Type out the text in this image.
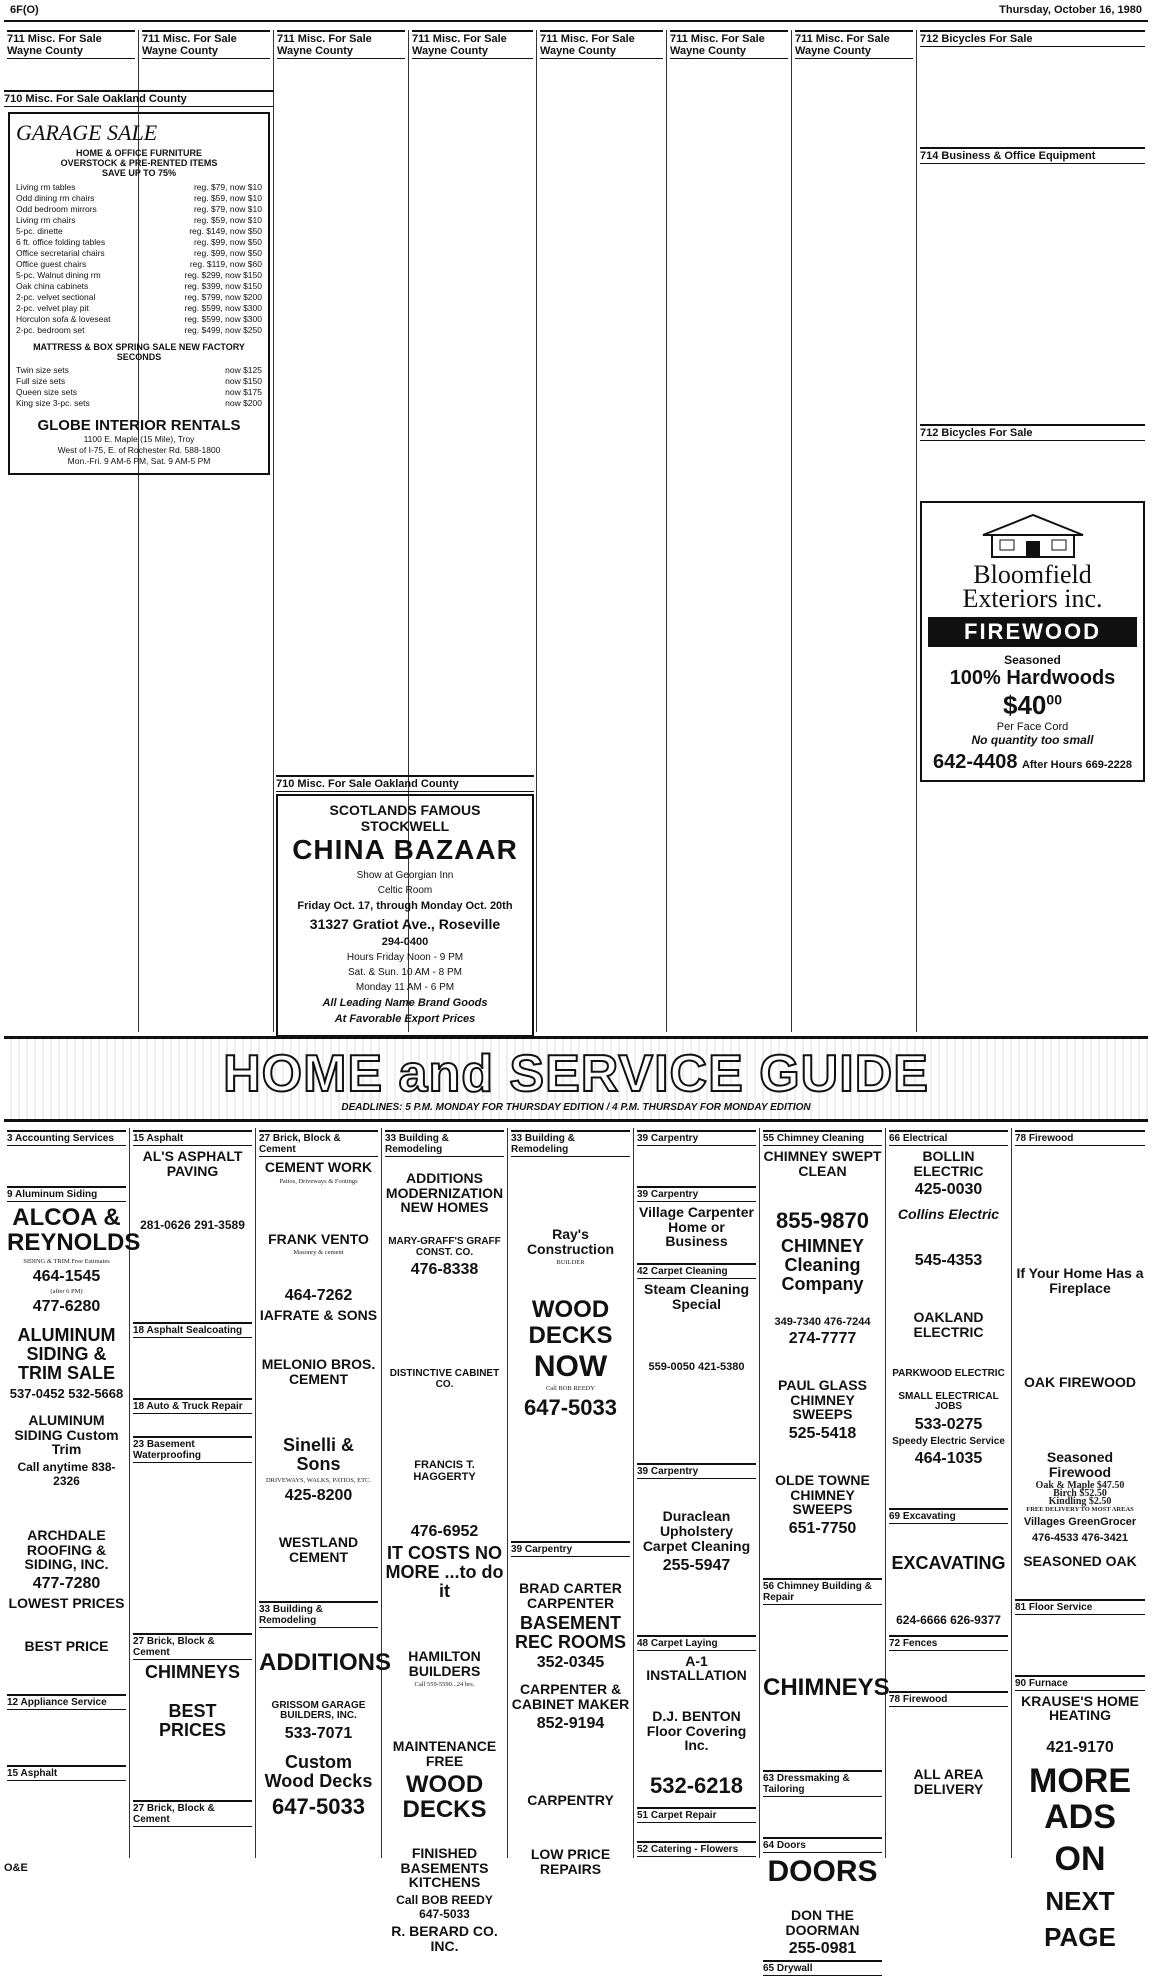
6F(O)	Thursday, October 16, 1980
711 Misc. For Sale Wayne County

711 Misc. For Sale Wayne County
GARAGE SALE
HOME & OFFICE FURNITURE
OVERSTOCK & PRE-RENTED ITEMS
SAVE UP TO 75%
Living rm tables	reg. $79, now $10
Odd dining rm chairs	reg. $59, now $10
Odd bedroom mirrors	reg. $79, now $10
Living rm chairs	reg. $59, now $10
5-pc. dinette	reg. $149, now $50
6 ft. office folding tables	reg. $99, now $50
Office secretarial chairs	reg. $99, now $50
Office guest chairs	reg. $119, now $60
5-pc. Walnut dining rm	reg. $299, now $150
Oak china cabinets	reg. $399, now $150
2-pc. velvet sectional	reg. $799, now $200
2-pc. velvet play pit	reg. $599, now $300
Horculon sofa & loveseat	reg. $599, now $300
2-pc. bedroom set	reg. $499, now $250
MATTRESS & BOX SPRING SALE NEW FACTORY SECONDS
Twin size sets	now $125
Full size sets	now $150
Queen size sets	now $175
King size 3-pc. sets	now $200
GLOBE INTERIOR RENTALS
1100 E. Maple (15 Mile), Troy
West of I-75, E. of Rochester Rd. 588-1800
Mon.-Fri. 9 AM-6 PM, Sat. 9 AM-5 PM
710 Misc. For Sale Oakland County
711 Misc. For Sale Wayne County
711 Misc. For Sale Wayne County
710 Misc. For Sale Oakland County
SCOTLANDS FAMOUS STOCKWELL
CHINA BAZAAR

Show at Georgian Inn

Celtic Room

Friday Oct. 17, through Monday Oct. 20th

31327 Gratiot Ave., Roseville

294-0400

Hours Friday Noon - 9 PM

Sat. & Sun. 10 AM - 8 PM

Monday 11 AM - 6 PM

All Leading Name Brand Goods

At Favorable Export Prices

711 Misc. For Sale Wayne County
711 Misc. For Sale Wayne County
711 Misc. For Sale Wayne County
712 Bicycles For Sale
714 Business & Office Equipment
712 Bicycles For Sale
Bloomfield
Exteriors inc.
FIREWOOD
Seasoned
100% Hardwoods
$\$40^{00}$
Per Face Cord
No quantity too small
642-4408 After Hours 669-2228
HOME and SERVICE GUIDE
DEADLINES: 5 P.M. MONDAY FOR THURSDAY EDITION / 4 P.M. THURSDAY FOR MONDAY EDITION
3 Accounting Services
9 Aluminum Siding
ALCOA & REYNOLDS
SIDING & TRIM Free Estimates
464-1545
(after 6 PM)
477-6280
ALUMINUM SIDING & TRIM SALE
537-0452 532-5668
ALUMINUM SIDING Custom Trim
Call anytime 838-2326
ARCHDALE ROOFING & SIDING, INC.
477-7280
LOWEST PRICES
BEST PRICE
12 Appliance Service
15 Asphalt
15 Asphalt
AL'S ASPHALT PAVING
281-0626 291-3589
18 Asphalt Sealcoating
18 Auto & Truck Repair
23 Basement Waterproofing
27 Brick, Block & Cement
CHIMNEYS
BEST PRICES
27 Brick, Block & Cement
27 Brick, Block & Cement
CEMENT WORK
Patios, Driveways & Footings
FRANK VENTO
Masonry & cement
464-7262
IAFRATE & SONS
MELONIO BROS. CEMENT
Sinelli & Sons
DRIVEWAYS, WALKS, PATIOS, ETC.
425-8200
WESTLAND CEMENT
33 Building & Remodeling
ADDITIONS
GRISSOM GARAGE BUILDERS, INC.
533-7071
Custom Wood Decks
647-5033
33 Building & Remodeling
ADDITIONS MODERNIZATION NEW HOMES
MARY-GRAFF'S GRAFF CONST. CO.
476-8338
DISTINCTIVE CABINET CO.
FRANCIS T. HAGGERTY
476-6952
IT COSTS NO MORE ...to do it
HAMILTON BUILDERS
Call 559-5590...24 hrs.
MAINTENANCE FREE
WOOD DECKS
FINISHED BASEMENTS KITCHENS
Call BOB REEDY 647-5033
R. BERARD CO. INC.
33 Building & Remodeling
Ray's Construction
BUILDER
WOOD DECKS
NOW
Call BOB REEDY
647-5033
39 Carpentry
BRAD CARTER CARPENTER
BASEMENT REC ROOMS
352-0345
CARPENTER & CABINET MAKER
852-9194
CARPENTRY
LOW PRICE REPAIRS
39 Carpentry
39 Carpentry
Village Carpenter Home or Business
42 Carpet Cleaning
Steam Cleaning Special
559-0050 421-5380
39 Carpentry
Duraclean Upholstery Carpet Cleaning
255-5947
48 Carpet Laying
A-1 INSTALLATION
D.J. BENTON Floor Covering Inc.
532-6218
51 Carpet Repair
52 Catering - Flowers
55 Chimney Cleaning
CHIMNEY SWEPT CLEAN
855-9870
CHIMNEY Cleaning Company
349-7340 476-7244
274-7777
PAUL GLASS CHIMNEY SWEEPS
525-5418
OLDE TOWNE CHIMNEY SWEEPS
651-7750
56 Chimney Building & Repair
CHIMNEYS
63 Dressmaking & Tailoring
64 Doors
DOORS
DON THE DOORMAN
255-0981
65 Drywall
66 Electrical
BOLLIN ELECTRIC
425-0030
Collins Electric
545-4353
OAKLAND ELECTRIC
PARKWOOD ELECTRIC
SMALL ELECTRICAL JOBS
533-0275
Speedy Electric Service
464-1035
69 Excavating
EXCAVATING
624-6666 626-9377
72 Fences
78 Firewood
ALL AREA DELIVERY
78 Firewood
If Your Home Has a Fireplace
OAK FIREWOOD
Seasoned Firewood
Oak & Maple $47.50
Birch $52.50
Kindling $2.50
FREE DELIVERY TO MOST AREAS
Villages GreenGrocer
476-4533 476-3421
SEASONED OAK
81 Floor Service
90 Furnace
KRAUSE'S HOME HEATING
421-9170
MORE ADS
ON
NEXT PAGE
O&E
